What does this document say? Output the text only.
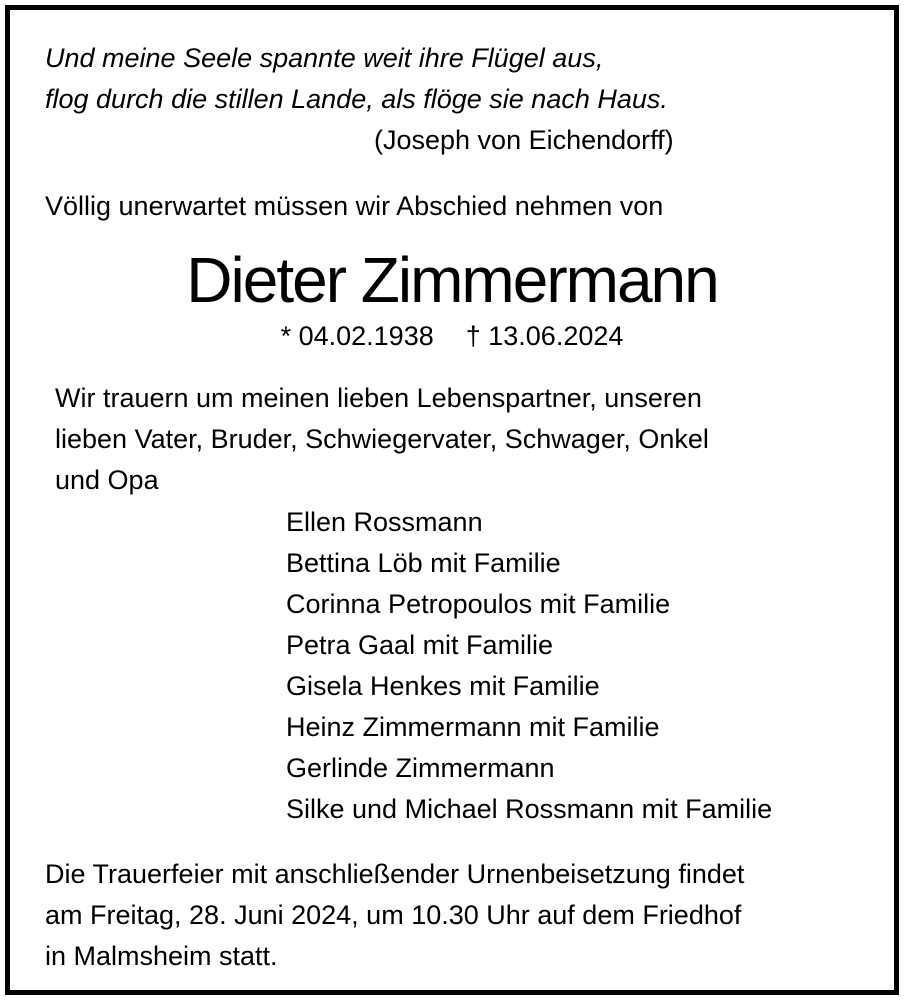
Und meine Seele spannte weit ihre Flügel aus,
flog durch die stillen Lande, als flöge sie nach Haus.
(Joseph von Eichendorff)
Völlig unerwartet müssen wir Abschied nehmen von
Dieter Zimmermann
* 04.02.1938 † 13.06.2024
Wir trauern um meinen lieben Lebenspartner, unseren
lieben Vater, Bruder, Schwiegervater, Schwager, Onkel
und Opa
Ellen Rossmann
Bettina Löb mit Familie
Corinna Petropoulos mit Familie
Petra Gaal mit Familie
Gisela Henkes mit Familie
Heinz Zimmermann mit Familie
Gerlinde Zimmermann
Silke und Michael Rossmann mit Familie
Die Trauerfeier mit anschließender Urnenbeisetzung findet
am Freitag, 28. Juni 2024, um 10.30 Uhr auf dem Friedhof
in Malmsheim statt.
